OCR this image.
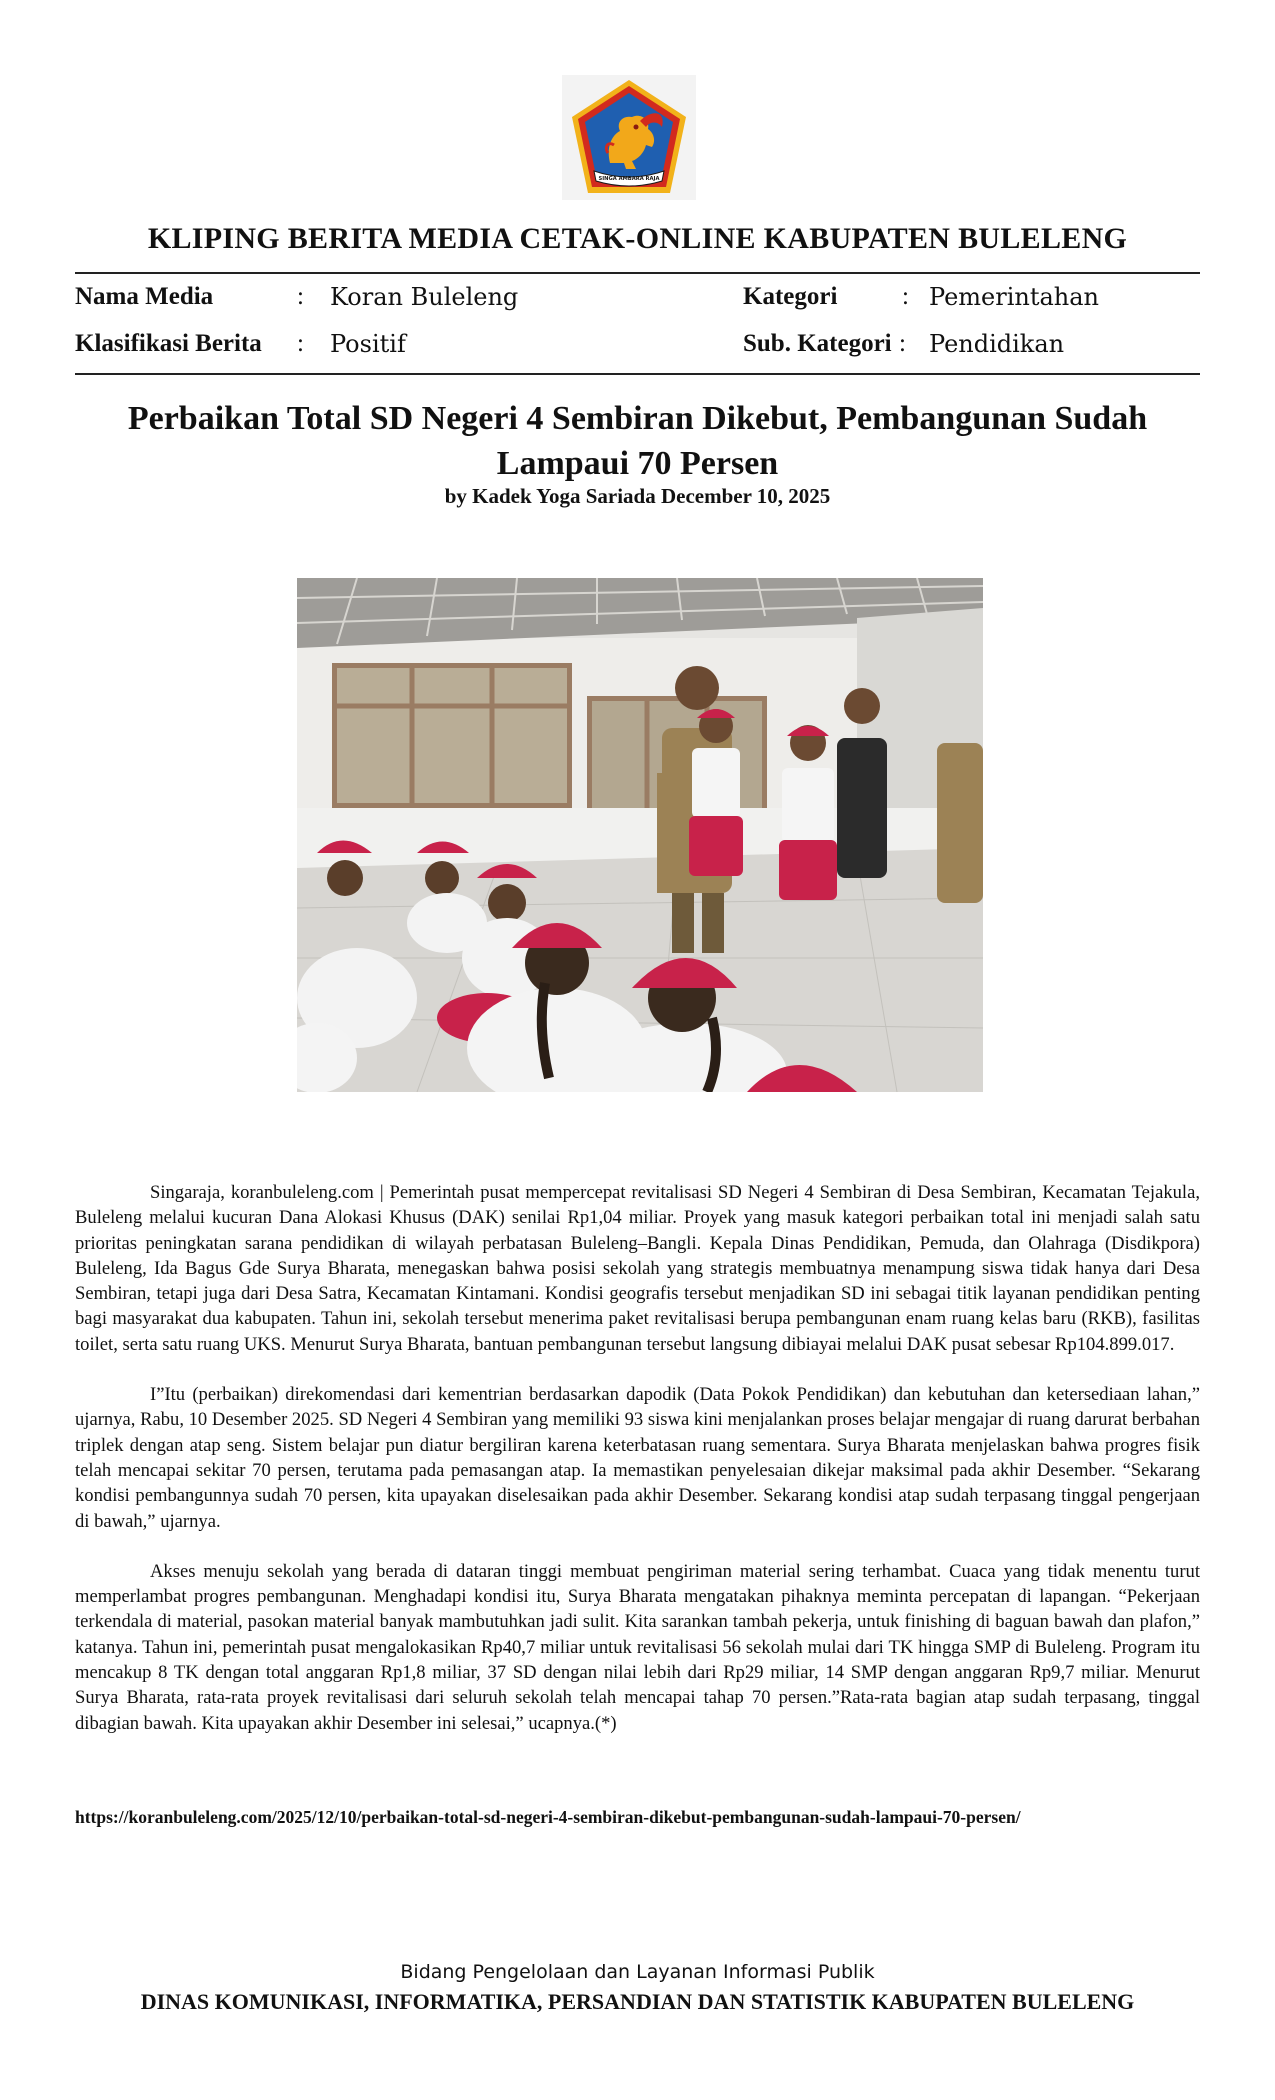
SINGA AMBARA RAJA
KLIPING BERITA MEDIA CETAK-ONLINE KABUPATEN BULELENG
Nama Media	: Koran Buleleng
Klasifikasi Berita : Positif
Kategori	: Pemerintahan
Sub. Kategori : Pendidikan
Perbaikan Total SD Negeri 4 Sembiran Dikebut, Pembangunan Sudah Lampaui 70 Persen
by Kadek Yoga Sariada December 10, 2025

Singaraja, koranbuleleng.com | Pemerintah pusat mempercepat revitalisasi SD Negeri 4 Sembiran di Desa Sembiran, Kecamatan Tejakula, Buleleng melalui kucuran Dana Alokasi Khusus (DAK) senilai Rp1,04 miliar. Proyek yang masuk kategori perbaikan total ini menjadi salah satu prioritas peningkatan sarana pendidikan di wilayah perbatasan Buleleng–Bangli. Kepala Dinas Pendidikan, Pemuda, dan Olahraga (Disdikpora) Buleleng, Ida Bagus Gde Surya Bharata, menegaskan bahwa posisi sekolah yang strategis membuatnya menampung siswa tidak hanya dari Desa Sembiran, tetapi juga dari Desa Satra, Kecamatan Kintamani. Kondisi geografis tersebut menjadikan SD ini sebagai titik layanan pendidikan penting bagi masyarakat dua kabupaten. Tahun ini, sekolah tersebut menerima paket revitalisasi berupa pembangunan enam ruang kelas baru (RKB), fasilitas toilet, serta satu ruang UKS. Menurut Surya Bharata, bantuan pembangunan tersebut langsung dibiayai melalui DAK pusat sebesar Rp104.899.017.

I”Itu (perbaikan) direkomendasi dari kementrian berdasarkan dapodik (Data Pokok Pendidikan) dan kebutuhan dan ketersediaan lahan,” ujarnya, Rabu, 10 Desember 2025. SD Negeri 4 Sembiran yang memiliki 93 siswa kini menjalankan proses belajar mengajar di ruang darurat berbahan triplek dengan atap seng. Sistem belajar pun diatur bergiliran karena keterbatasan ruang sementara. Surya Bharata menjelaskan bahwa progres fisik telah mencapai sekitar 70 persen, terutama pada pemasangan atap. Ia memastikan penyelesaian dikejar maksimal pada akhir Desember. “Sekarang kondisi pembangunnya sudah 70 persen, kita upayakan diselesaikan pada akhir Desember. Sekarang kondisi atap sudah terpasang tinggal pengerjaan di bawah,” ujarnya.

Akses menuju sekolah yang berada di dataran tinggi membuat pengiriman material sering terhambat. Cuaca yang tidak menentu turut memperlambat progres pembangunan. Menghadapi kondisi itu, Surya Bharata mengatakan pihaknya meminta percepatan di lapangan. “Pekerjaan terkendala di material, pasokan material banyak mambutuhkan jadi sulit. Kita sarankan tambah pekerja, untuk finishing di baguan bawah dan plafon,” katanya. Tahun ini, pemerintah pusat mengalokasikan Rp40,7 miliar untuk revitalisasi 56 sekolah mulai dari TK hingga SMP di Buleleng. Program itu mencakup 8 TK dengan total anggaran Rp1,8 miliar, 37 SD dengan nilai lebih dari Rp29 miliar, 14 SMP dengan anggaran Rp9,7 miliar. Menurut Surya Bharata, rata-rata proyek revitalisasi dari seluruh sekolah telah mencapai tahap 70 persen.”Rata-rata bagian atap sudah terpasang, tinggal dibagian bawah. Kita upayakan akhir Desember ini selesai,” ucapnya.(*)

https://koranbuleleng.com/2025/12/10/perbaikan-total-sd-negeri-4-sembiran-dikebut-pembangunan-sudah-lampaui-70-persen/
Bidang Pengelolaan dan Layanan Informasi Publik
DINAS KOMUNIKASI, INFORMATIKA, PERSANDIAN DAN STATISTIK KABUPATEN BULELENG
